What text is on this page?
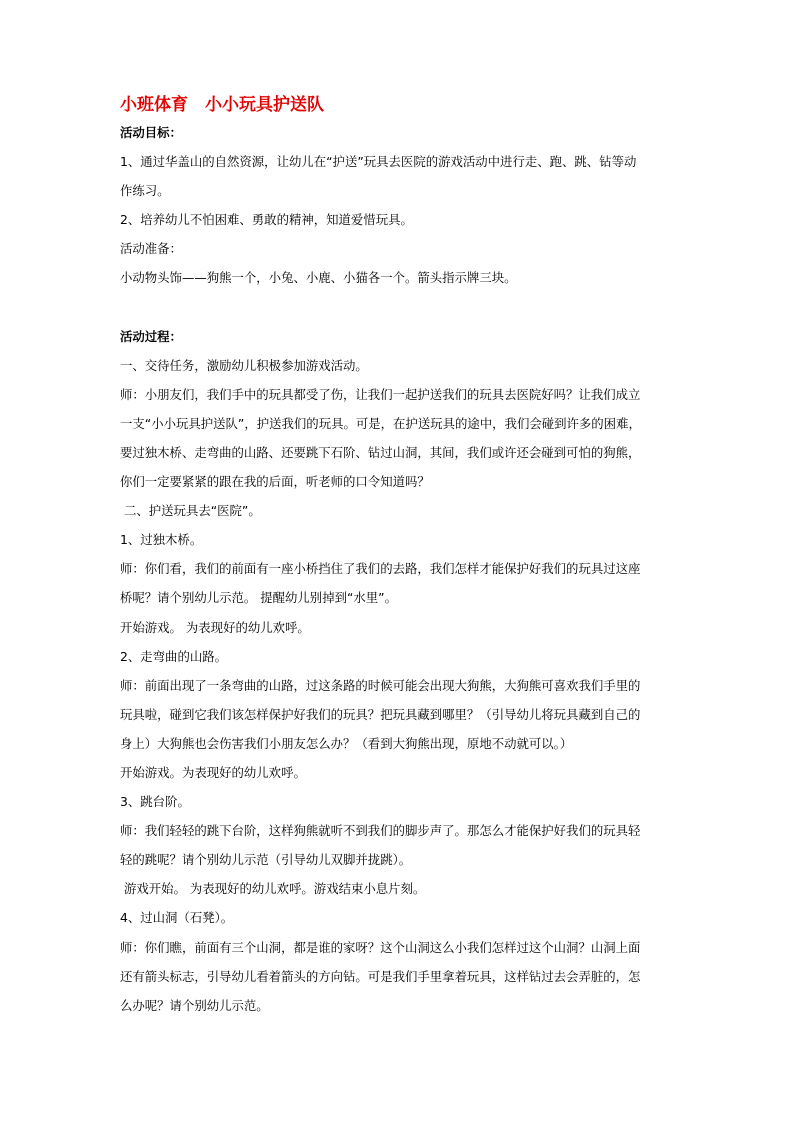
小班体育　小小玩具护送队
活动目标：
1、通过华盖山的自然资源，让幼儿在“护送”玩具去医院的游戏活动中进行走、跑、跳、钻等动
作练习。
2、培养幼儿不怕困难、勇敢的精神，知道爱惜玩具。
活动准备：
小动物头饰——狗熊一个，小兔、小鹿、小猫各一个。箭头指示牌三块。
活动过程：
一、交待任务，激励幼儿积极参加游戏活动。
师：小朋友们，我们手中的玩具都受了伤，让我们一起护送我们的玩具去医院好吗？让我们成立
一支“小小玩具护送队”，护送我们的玩具。可是，在护送玩具的途中，我们会碰到许多的困难，
要过独木桥、走弯曲的山路、还要跳下石阶、钻过山洞，其间，我们或许还会碰到可怕的狗熊，
你们一定要紧紧的跟在我的后面，听老师的口令知道吗？
二、护送玩具去“医院”。
1、过独木桥。
师：你们看，我们的前面有一座小桥挡住了我们的去路，我们怎样才能保护好我们的玩具过这座
桥呢？请个别幼儿示范。 提醒幼儿别掉到“水里”。
开始游戏。 为表现好的幼儿欢呼。
2、走弯曲的山路。
师：前面出现了一条弯曲的山路，过这条路的时候可能会出现大狗熊，大狗熊可喜欢我们手里的
玩具啦，碰到它我们该怎样保护好我们的玩具？把玩具藏到哪里？（引导幼儿将玩具藏到自己的
身上）大狗熊也会伤害我们小朋友怎么办？（看到大狗熊出现，原地不动就可以。）
开始游戏。为表现好的幼儿欢呼。
3、跳台阶。
师：我们轻轻的跳下台阶，这样狗熊就听不到我们的脚步声了。那怎么才能保护好我们的玩具轻
轻的跳呢？请个别幼儿示范（引导幼儿双脚并拢跳）。
游戏开始。 为表现好的幼儿欢呼。游戏结束小息片刻。
4、过山洞（石凳）。
师：你们瞧，前面有三个山洞，都是谁的家呀？这个山洞这么小我们怎样过这个山洞？山洞上面
还有箭头标志，引导幼儿看着箭头的方向钻。可是我们手里拿着玩具，这样钻过去会弄脏的，怎
么办呢？请个别幼儿示范。
